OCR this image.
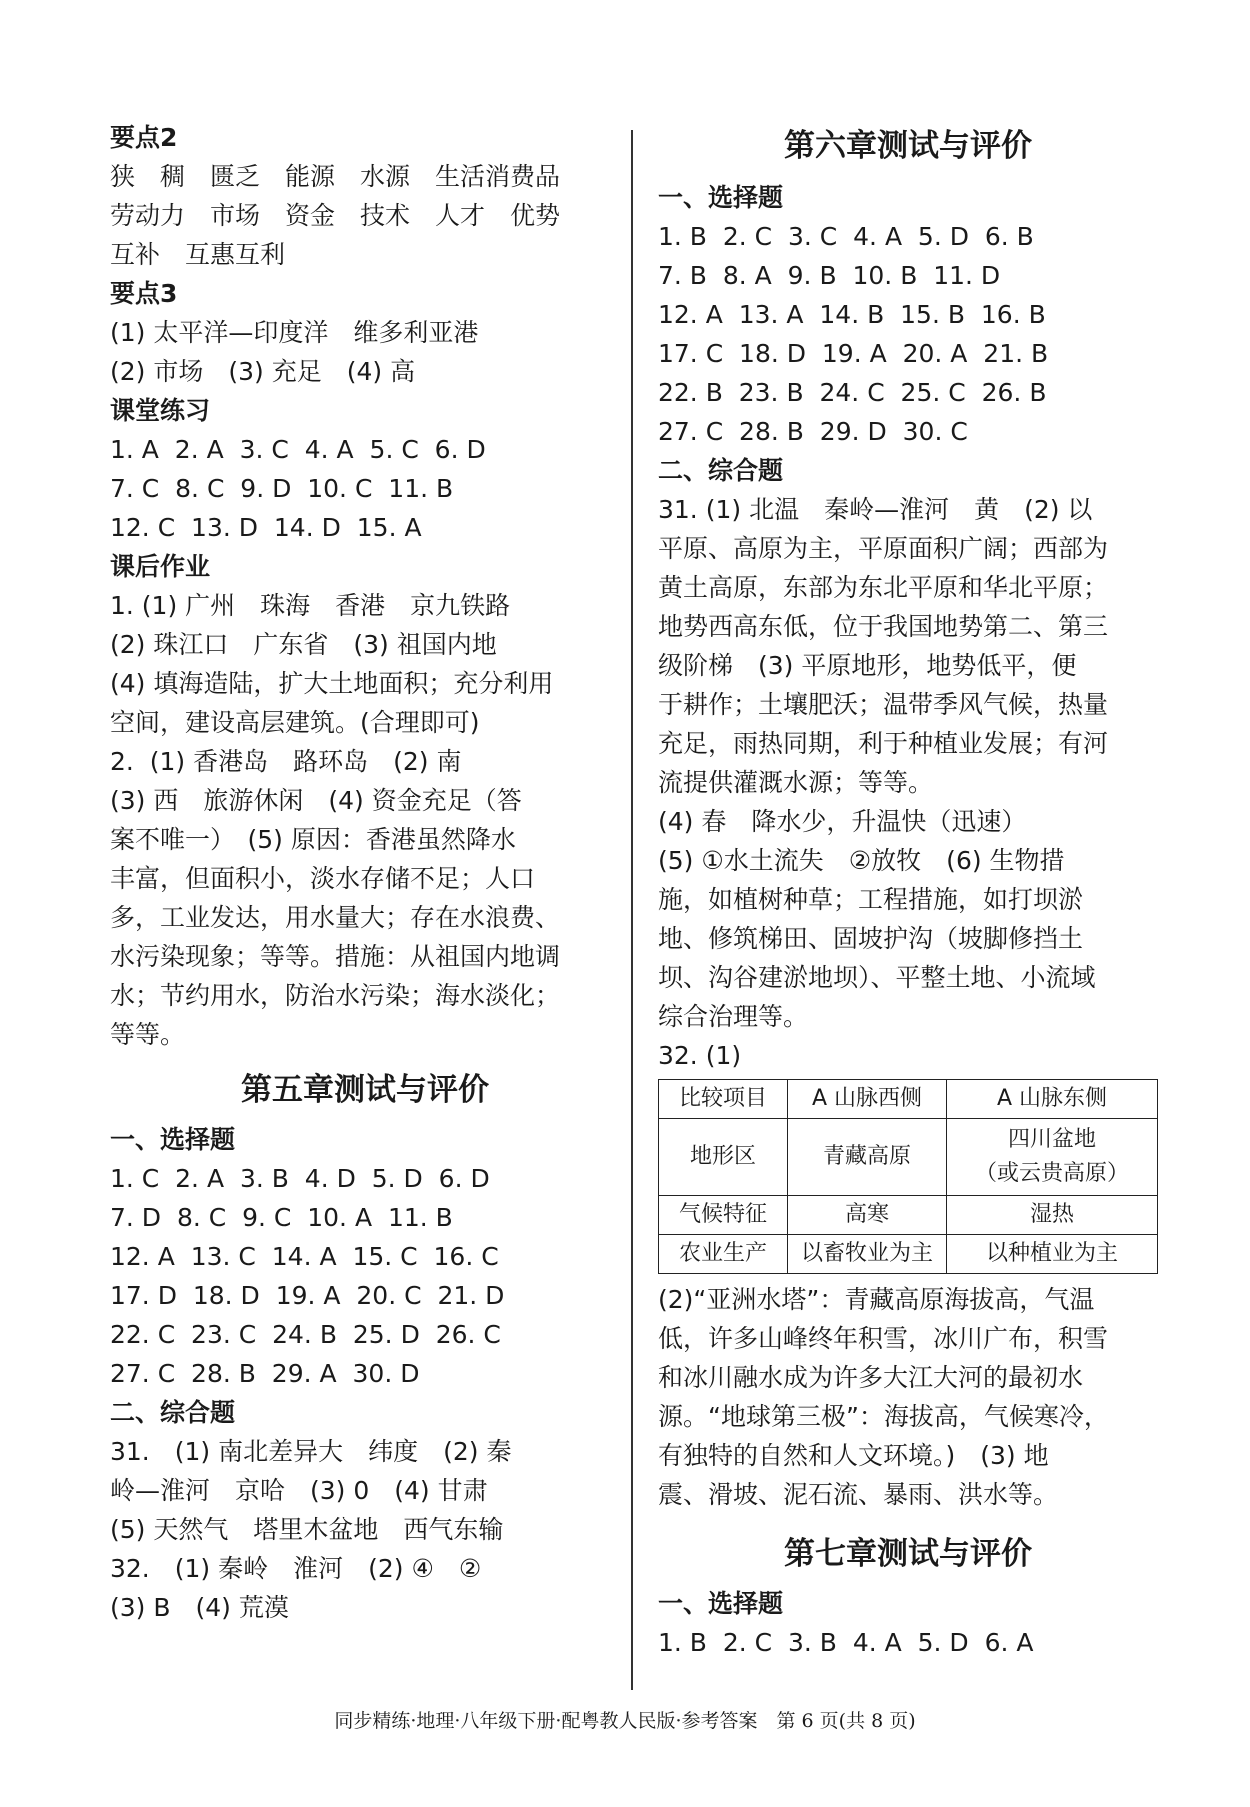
要点2
狭　稠　匮乏　能源　水源　生活消费品
劳动力　市场　资金　技术　人才　优势
互补　互惠互利
要点3
(1) 太平洋—印度洋　维多利亚港
(2) 市场　(3) 充足　(4) 高
课堂练习
1. A  2. A  3. C  4. A  5. C  6. D
7. C  8. C  9. D  10. C  11. B
12. C  13. D  14. D  15. A
课后作业
1. (1) 广州　珠海　香港　京九铁路
(2) 珠江口　广东省　(3) 祖国内地
(4) 填海造陆，扩大土地面积；充分利用
空间，建设高层建筑。(合理即可)
2.  (1) 香港岛　路环岛　(2) 南
(3) 西　旅游休闲　(4) 资金充足（答
案不唯一）　(5) 原因：香港虽然降水
丰富，但面积小，淡水存储不足；人口
多，工业发达，用水量大；存在水浪费、
水污染现象；等等。措施：从祖国内地调
水；节约用水，防治水污染；海水淡化；
等等。
第五章测试与评价
一、选择题
1. C  2. A  3. B  4. D  5. D  6. D
7. D  8. C  9. C  10. A  11. B
12. A  13. C  14. A  15. C  16. C
17. D  18. D  19. A  20. C  21. D
22. C  23. C  24. B  25. D  26. C
27. C  28. B  29. A  30. D
二、综合题
31.　(1) 南北差异大　纬度　(2) 秦
岭—淮河　京哈　(3) 0　(4) 甘肃
(5) 天然气　塔里木盆地　西气东输
32.　(1) 秦岭　淮河　(2) ④　②
(3) B　(4) 荒漠
第六章测试与评价
一、选择题
1. B  2. C  3. C  4. A  5. D  6. B
7. B  8. A  9. B  10. B  11. D
12. A  13. A  14. B  15. B  16. B
17. C  18. D  19. A  20. A  21. B
22. B  23. B  24. C  25. C  26. B
27. C  28. B  29. D  30. C
二、综合题
31. (1) 北温　秦岭—淮河　黄　(2) 以
平原、高原为主，平原面积广阔；西部为
黄土高原，东部为东北平原和华北平原；
地势西高东低，位于我国地势第二、第三
级阶梯　(3) 平原地形，地势低平，便
于耕作；土壤肥沃；温带季风气候，热量
充足，雨热同期，利于种植业发展；有河
流提供灌溉水源；等等。
(4) 春　降水少，升温快（迅速）
(5) ①水土流失　②放牧　(6) 生物措
施，如植树种草；工程措施，如打坝淤
地、修筑梯田、固坡护沟（坡脚修挡土
坝、沟谷建淤地坝）、平整土地、小流域
综合治理等。
32. (1)
比较项目	A 山脉西侧	A 山脉东侧
地形区	青藏高原	四川盆地
（或云贵高原）
气候特征	高寒	湿热
农业生产	以畜牧业为主	以种植业为主
(2)“亚洲水塔”：青藏高原海拔高，气温
低，许多山峰终年积雪，冰川广布，积雪
和冰川融水成为许多大江大河的最初水
源。“地球第三极”：海拔高，气候寒冷，
有独特的自然和人文环境。)　(3) 地
震、滑坡、泥石流、暴雨、洪水等。
第七章测试与评价
一、选择题
1. B  2. C  3. B  4. A  5. D  6. A
同步精练·地理·八年级下册·配粤教人民版·参考答案　第 6 页(共 8 页)
